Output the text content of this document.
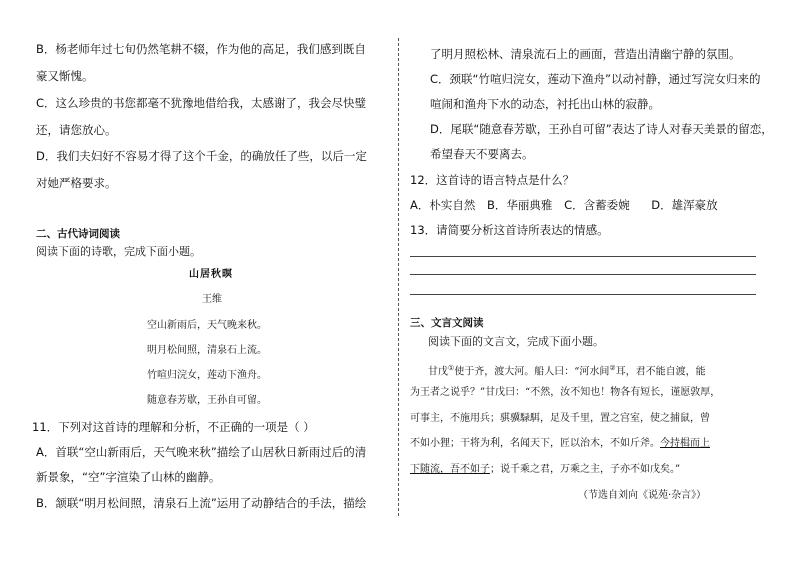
B．杨老师年过七旬仍然笔耕不辍，作为他的高足，我们感到既自
豪又惭愧。
C．这么珍贵的书您都毫不犹豫地借给我，太感谢了，我会尽快璧
还，请您放心。
D．我们夫妇好不容易才得了这个千金，的确放任了些，以后一定
对她严格要求。
二、古代诗词阅读
阅读下面的诗歌，完成下面小题。
山居秋暝
王维
空山新雨后，天气晚来秋。
明月松间照，清泉石上流。
竹喧归浣女，莲动下渔舟。
随意春芳歇，王孙自可留。
11．下列对这首诗的理解和分析，不正确的一项是（ ）
A．首联“空山新雨后，天气晚来秋”描绘了山居秋日新雨过后的清
新景象，“空”字渲染了山林的幽静。
B．颔联“明月松间照，清泉石上流”运用了动静结合的手法，描绘
了明月照松林、清泉流石上的画面，营造出清幽宁静的氛围。
C．颈联“竹喧归浣女，莲动下渔舟”以动衬静，通过写浣女归来的
喧闹和渔舟下水的动态，衬托出山林的寂静。
D．尾联“随意春芳歇，王孙自可留”表达了诗人对春天美景的留恋，
希望春天不要离去。
12．这首诗的语言特点是什么？
A．朴实自然 B．华丽典雅 C．含蓄委婉 D．雄浑豪放
13．请简要分析这首诗所表达的情感。
三、文言文阅读
阅读下面的文言文，完成下面小题。
甘戊①使于齐，渡大河。船人曰：“河水间②耳，君不能自渡，能
为王者之说乎？”甘戊曰：“不然，汝不知也！物各有短长，谨愿敦厚，
可事主，不施用兵；骐骥騄駬，足及千里，置之宫室，使之捕鼠，曾
不如小狸；干将为利，名闻天下，匠以治木，不如斤斧。今持楫而上
下随流，吾不如子；说千乘之君，万乘之主，子亦不如戊矣。”
（节选自刘向《说苑·杂言》）
